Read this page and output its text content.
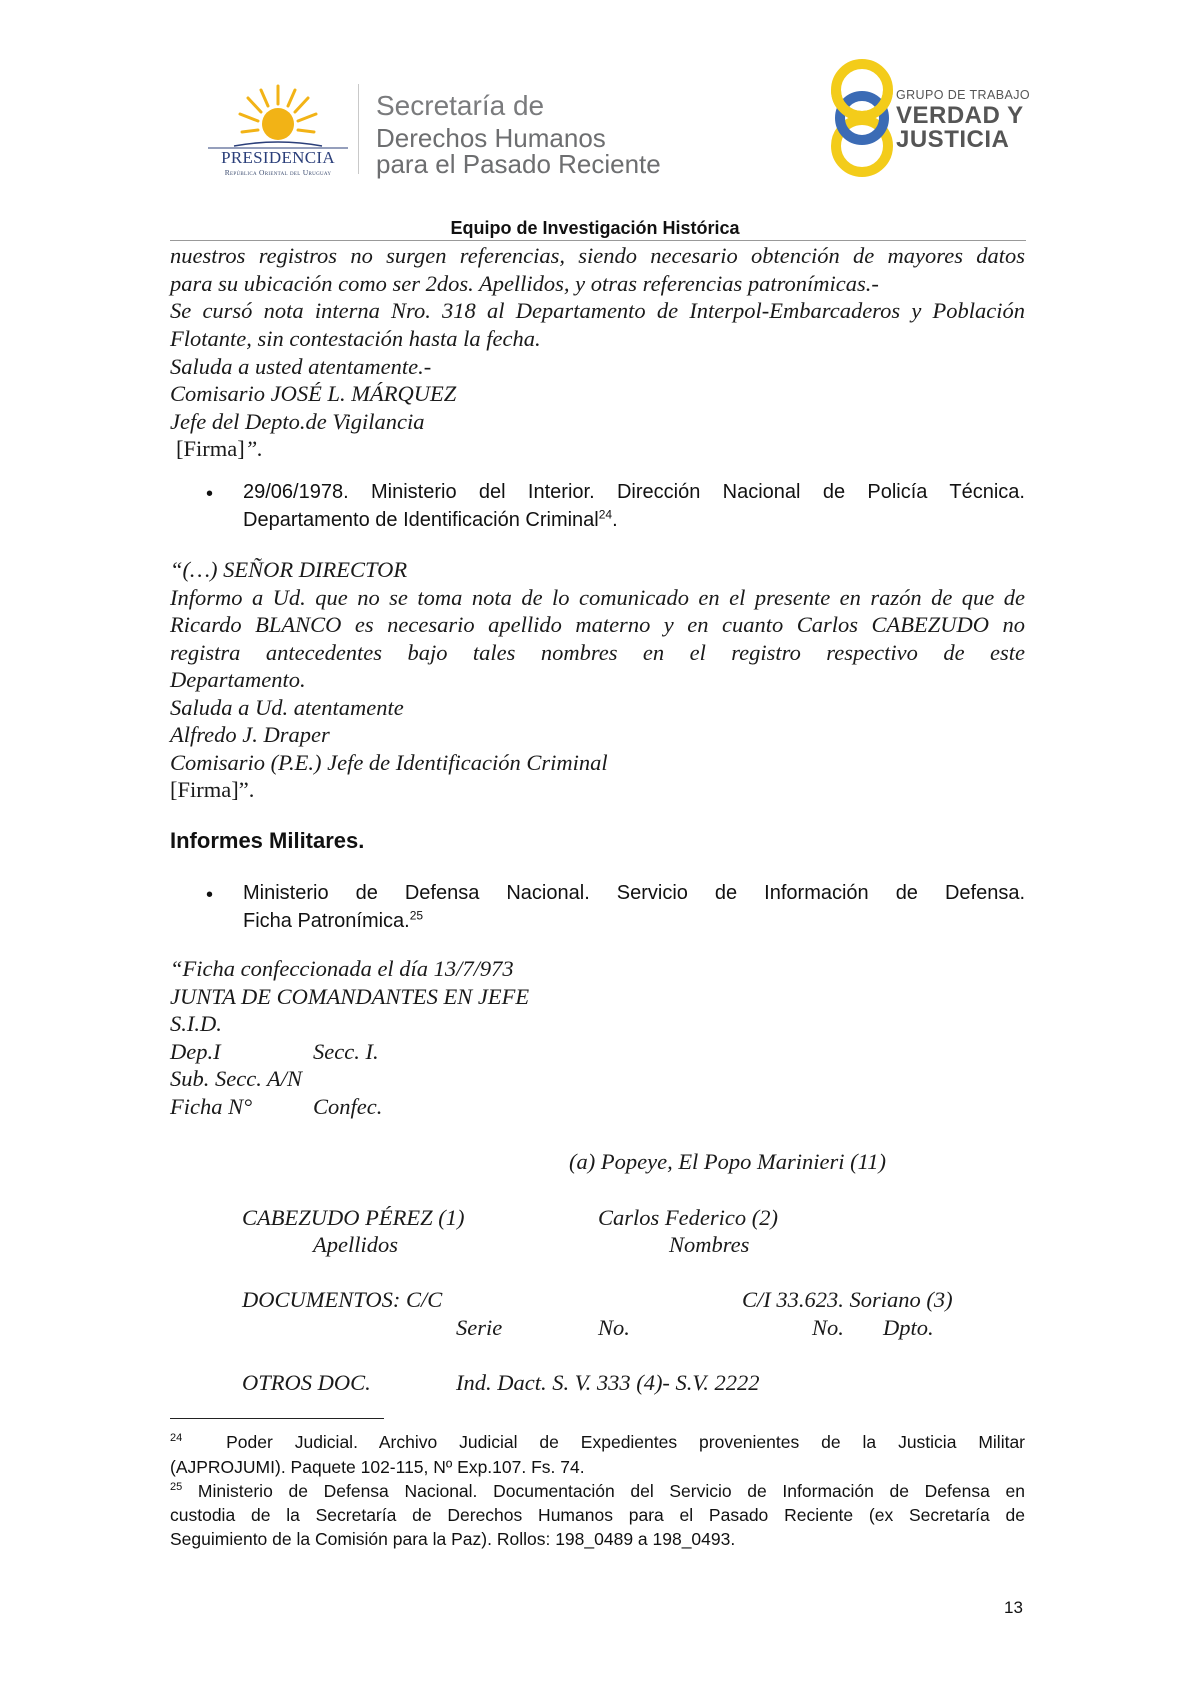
PRESIDENCIA
República Oriental del Uruguay
Secretaría de
Derechos Humanos
para el Pasado Reciente
GRUPO DE TRABAJO
VERDAD Y
JUSTICIA
Equipo de Investigación Histórica
nuestros registros no surgen referencias, siendo necesario obtención de mayores datos
para su ubicación como ser 2dos. Apellidos, y otras referencias patronímicas.-
Se cursó nota interna Nro. 318 al Departamento de Interpol-Embarcaderos y Población
Flotante, sin contestación hasta la fecha.
Saluda a usted atentamente.-
Comisario JOSÉ L. MÁRQUEZ
Jefe del Depto.de Vigilancia
[Firma]”.
• 29/06/1978. Ministerio del Interior. Dirección Nacional de Policía Técnica.
Departamento de Identificación Criminal$^{24}$.
“(…) SEÑOR DIRECTOR
Informo a Ud. que no se toma nota de lo comunicado en el presente en razón de que de
Ricardo BLANCO es necesario apellido materno y en cuanto Carlos CABEZUDO no
registra antecedentes bajo tales nombres en el registro respectivo de este
Departamento.
Saluda a Ud. atentamente
Alfredo J. Draper
Comisario (P.E.) Jefe de Identificación Criminal
[Firma]”.
Informes Militares.
• Ministerio de Defensa Nacional. Servicio de Información de Defensa.
Ficha Patronímica.$^{25}$
“Ficha confeccionada el día 13/7/973
JUNTA DE COMANDANTES EN JEFE
S.I.D.
Dep.I	Secc. I.
Sub. Secc. A/N
Ficha N°	Confec.
(a) Popeye, El Popo Marinieri (11)
CABEZUDO PÉREZ (1)	Carlos Federico (2)
Apellidos	Nombres
DOCUMENTOS: C/C	C/I 33.623. Soriano (3)
Serie	No.	No. Dpto.
OTROS DOC.	Ind. Dact. S. V. 333 (4)- S.V. 2222
$^{24}$	Poder Judicial. Archivo Judicial de Expedientes provenientes de la Justicia Militar
(AJPROJUMI). Paquete 102-115, Nº Exp.107. Fs. 74.
$^{25}$ Ministerio de Defensa Nacional. Documentación del Servicio de Información de Defensa en
custodia de la Secretaría de Derechos Humanos para el Pasado Reciente (ex Secretaría de
Seguimiento de la Comisión para la Paz). Rollos: 198_0489 a 198_0493.
13
